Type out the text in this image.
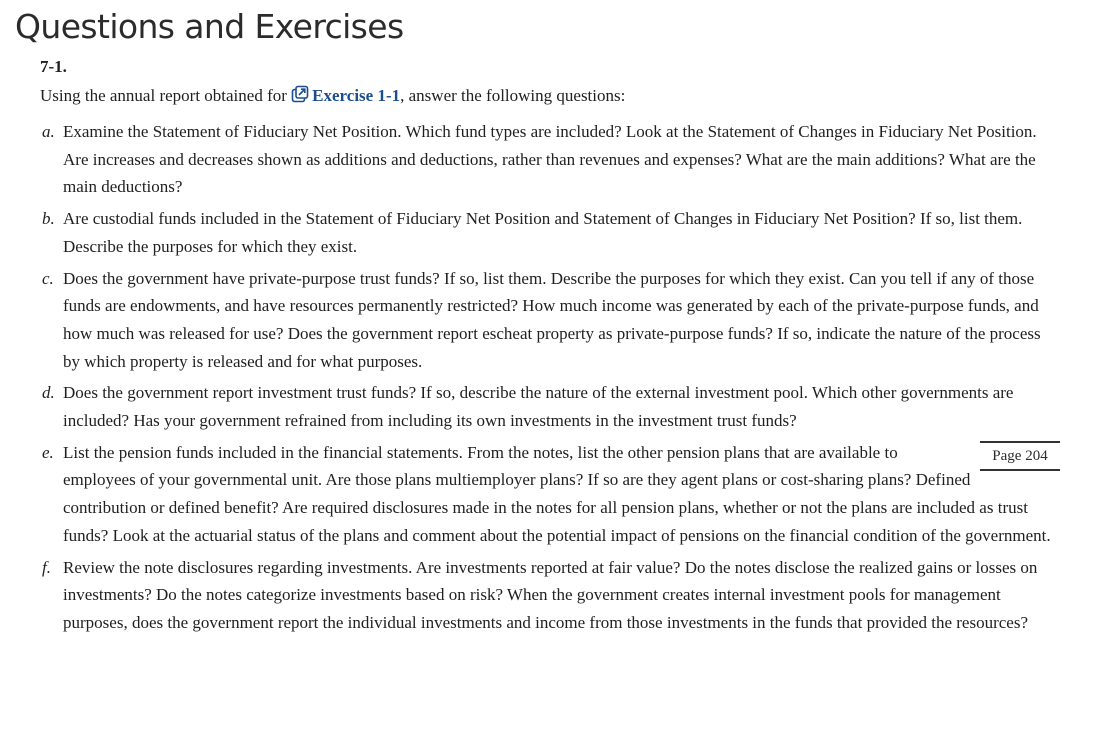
Questions and Exercises
7-1.

Using the annual report obtained for Exercise 1-1, answer the following questions:

a. Examine the Statement of Fiduciary Net Position. Which fund types are included? Look at the Statement of Changes in Fiduciary Net Position. Are increases and decreases shown as additions and deductions, rather than revenues and expenses? What are the main additions? What are the main deductions?
b. Are custodial funds included in the Statement of Fiduciary Net Position and Statement of Changes in Fiduciary Net Position? If so, list them. Describe the purposes for which they exist.
c. Does the government have private-purpose trust funds? If so, list them. Describe the purposes for which they exist. Can you tell if any of those funds are endowments, and have resources permanently restricted? How much income was generated by each of the private-purpose funds, and how much was released for use? Does the government report escheat property as private-purpose funds? If so, indicate the nature of the process by which property is released and for what purposes.
d. Does the government report investment trust funds? If so, describe the nature of the external investment pool. Which other governments are included? Has your government refrained from including its own investments in the investment trust funds?
e.	Page 204
List the pension funds included in the financial statements. From the notes, list the other pension plans that are available to employees of your governmental unit. Are those plans multiemployer plans? If so are they agent plans or cost-sharing plans? Defined contribution or defined benefit? Are required disclosures made in the notes for all pension plans, whether or not the plans are included as trust funds? Look at the actuarial status of the plans and comment about the potential impact of pensions on the financial condition of the government.
f. Review the note disclosures regarding investments. Are investments reported at fair value? Do the notes disclose the realized gains or losses on investments? Do the notes categorize investments based on risk? When the government creates internal investment pools for management purposes, does the government report the individual investments and income from those investments in the funds that provided the resources?
